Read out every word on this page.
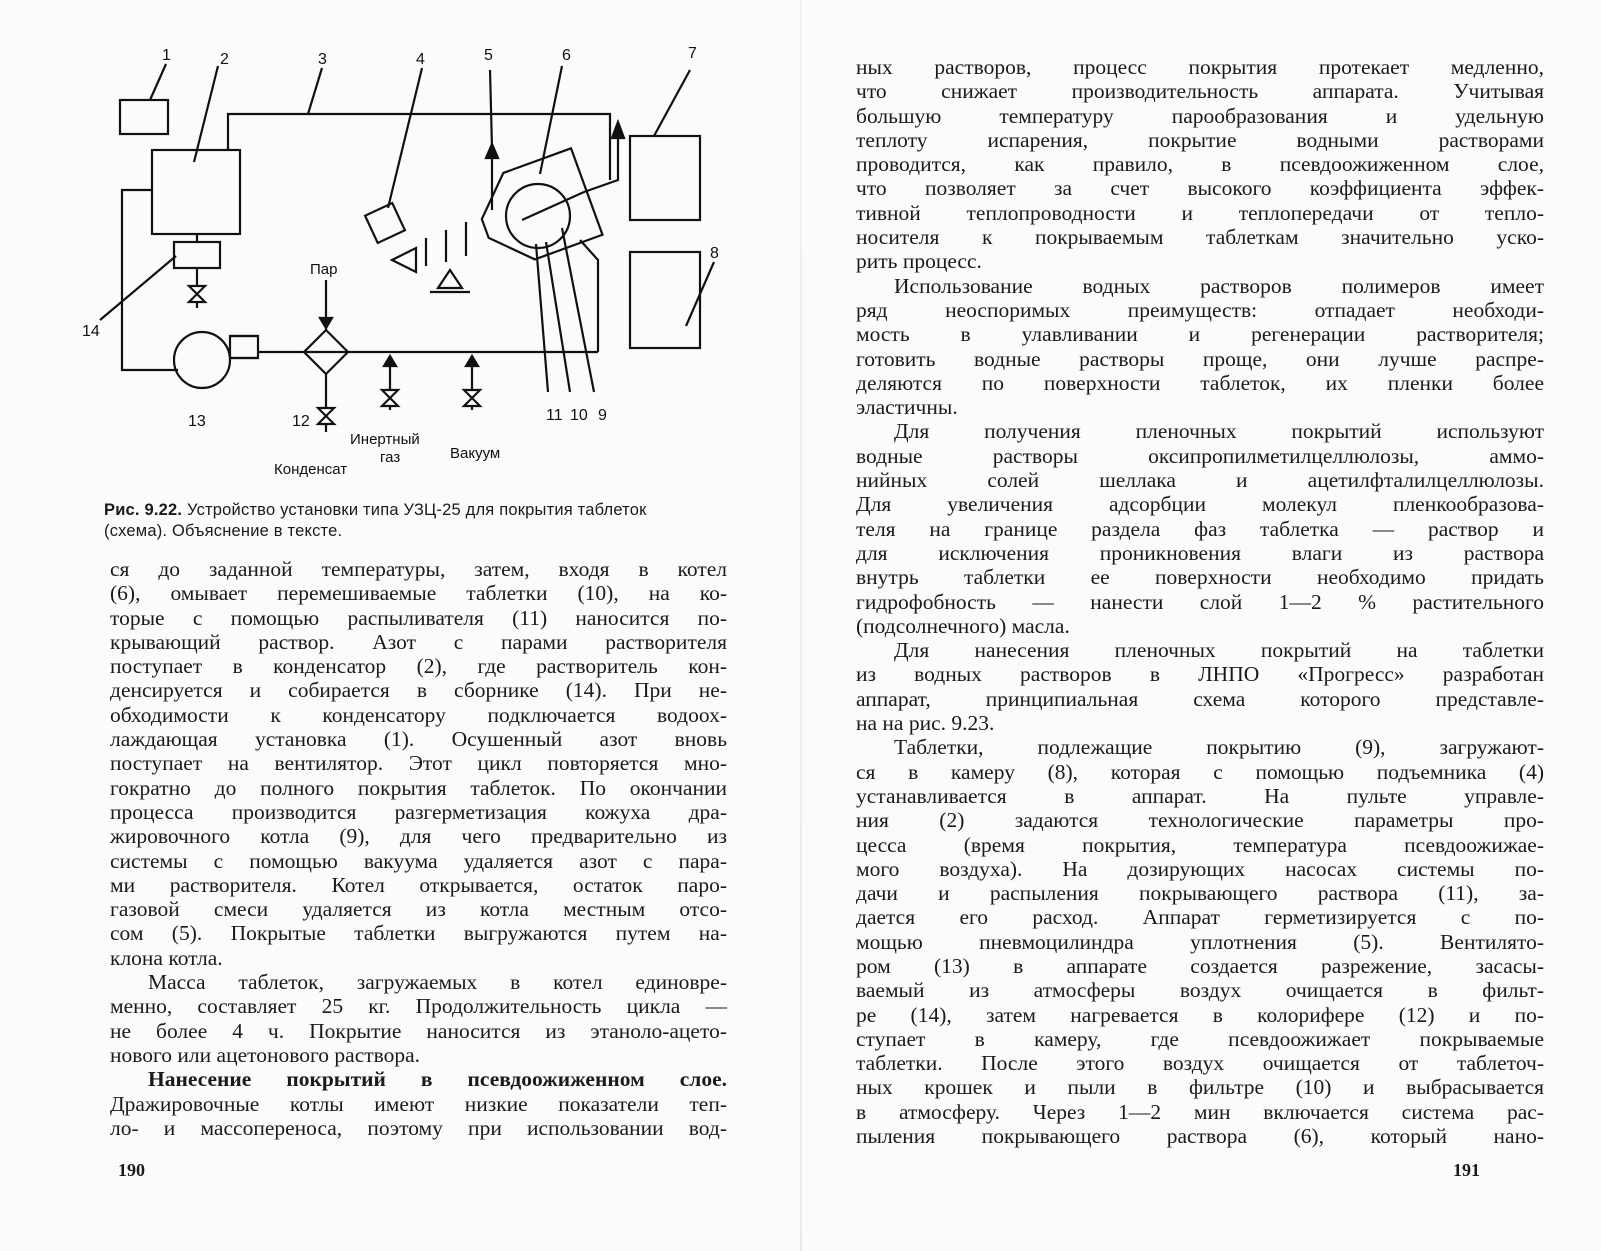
1	2	3	4	5	6	7
8
9
10
11
12
13
14
Пар
Конденсат
Инертный
газ	Вакуум
Рис. 9.22. Устройство установки типа УЗЦ-25 для покрытия таблеток
(схема). Объяснение в тексте.
ся до заданной температуры, затем, входя в котел
(6), омывает перемешиваемые таблетки (10), на ко-
торые с помощью распыливателя (11) наносится по-
крывающий раствор. Азот с парами растворителя
поступает в конденсатор (2), где растворитель кон-
денсируется и собирается в сборнике (14). При не-
обходимости к конденсатору подключается водоох-
лаждающая установка (1). Осушенный азот вновь
поступает на вентилятор. Этот цикл повторяется мно-
гократно до полного покрытия таблеток. По окончании
процесса производится разгерметизация кожуха дра-
жировочного котла (9), для чего предварительно из
системы с помощью вакуума удаляется азот с пара-
ми растворителя. Котел открывается, остаток паро-
газовой смеси удаляется из котла местным отсо-
сом (5). Покрытые таблетки выгружаются путем на-
клона котла.
Масса таблеток, загружаемых в котел единовре-
менно, составляет 25 кг. Продолжительность цикла —
не более 4 ч. Покрытие наносится из этаноло-ацето-
нового или ацетонового раствора.
Нанесение покрытий в псевдоожиженном слое.
Дражировочные котлы имеют низкие показатели теп-
ло- и массопереноса, поэтому при использовании вод-
190
ных растворов, процесс покрытия протекает медленно,
что снижает производительность аппарата. Учитывая
большую температуру парообразования и удельную
теплоту испарения, покрытие водными растворами
проводится, как правило, в псевдоожиженном слое,
что позволяет за счет высокого коэффициента эффек-
тивной теплопроводности и теплопередачи от тепло-
носителя к покрываемым таблеткам значительно уско-
рить процесс.
Использование водных растворов полимеров имеет
ряд неоспоримых преимуществ: отпадает необходи-
мость в улавливании и регенерации растворителя;
готовить водные растворы проще, они лучше распре-
деляются по поверхности таблеток, их пленки более
эластичны.
Для получения пленочных покрытий используют
водные растворы оксипропилметилцеллюлозы, аммо-
нийных солей шеллака и ацетилфталилцеллюлозы.
Для увеличения адсорбции молекул пленкообразова-
теля на границе раздела фаз таблетка — раствор и
для исключения проникновения влаги из раствора
внутрь таблетки ее поверхности необходимо придать
гидрофобность — нанести слой 1—2 % растительного
(подсолнечного) масла.
Для нанесения пленочных покрытий на таблетки
из водных растворов в ЛНПО «Прогресс» разработан
аппарат, принципиальная схема которого представле-
на на рис. 9.23.
Таблетки, подлежащие покрытию (9), загружают-
ся в камеру (8), которая с помощью подъемника (4)
устанавливается в аппарат. На пульте управле-
ния (2) задаются технологические параметры про-
цесса (время покрытия, температура псевдоожижае-
мого воздуха). На дозирующих насосах системы по-
дачи и распыления покрывающего раствора (11), за-
дается его расход. Аппарат герметизируется с по-
мощью пневмоцилиндра уплотнения (5). Вентилято-
ром (13) в аппарате создается разрежение, засасы-
ваемый из атмосферы воздух очищается в фильт-
ре (14), затем нагревается в колорифере (12) и по-
ступает в камеру, где псевдоожижает покрываемые
таблетки. После этого воздух очищается от таблеточ-
ных крошек и пыли в фильтре (10) и выбрасывается
в атмосферу. Через 1—2 мин включается система рас-
пыления покрывающего раствора (6), который нано-
191
